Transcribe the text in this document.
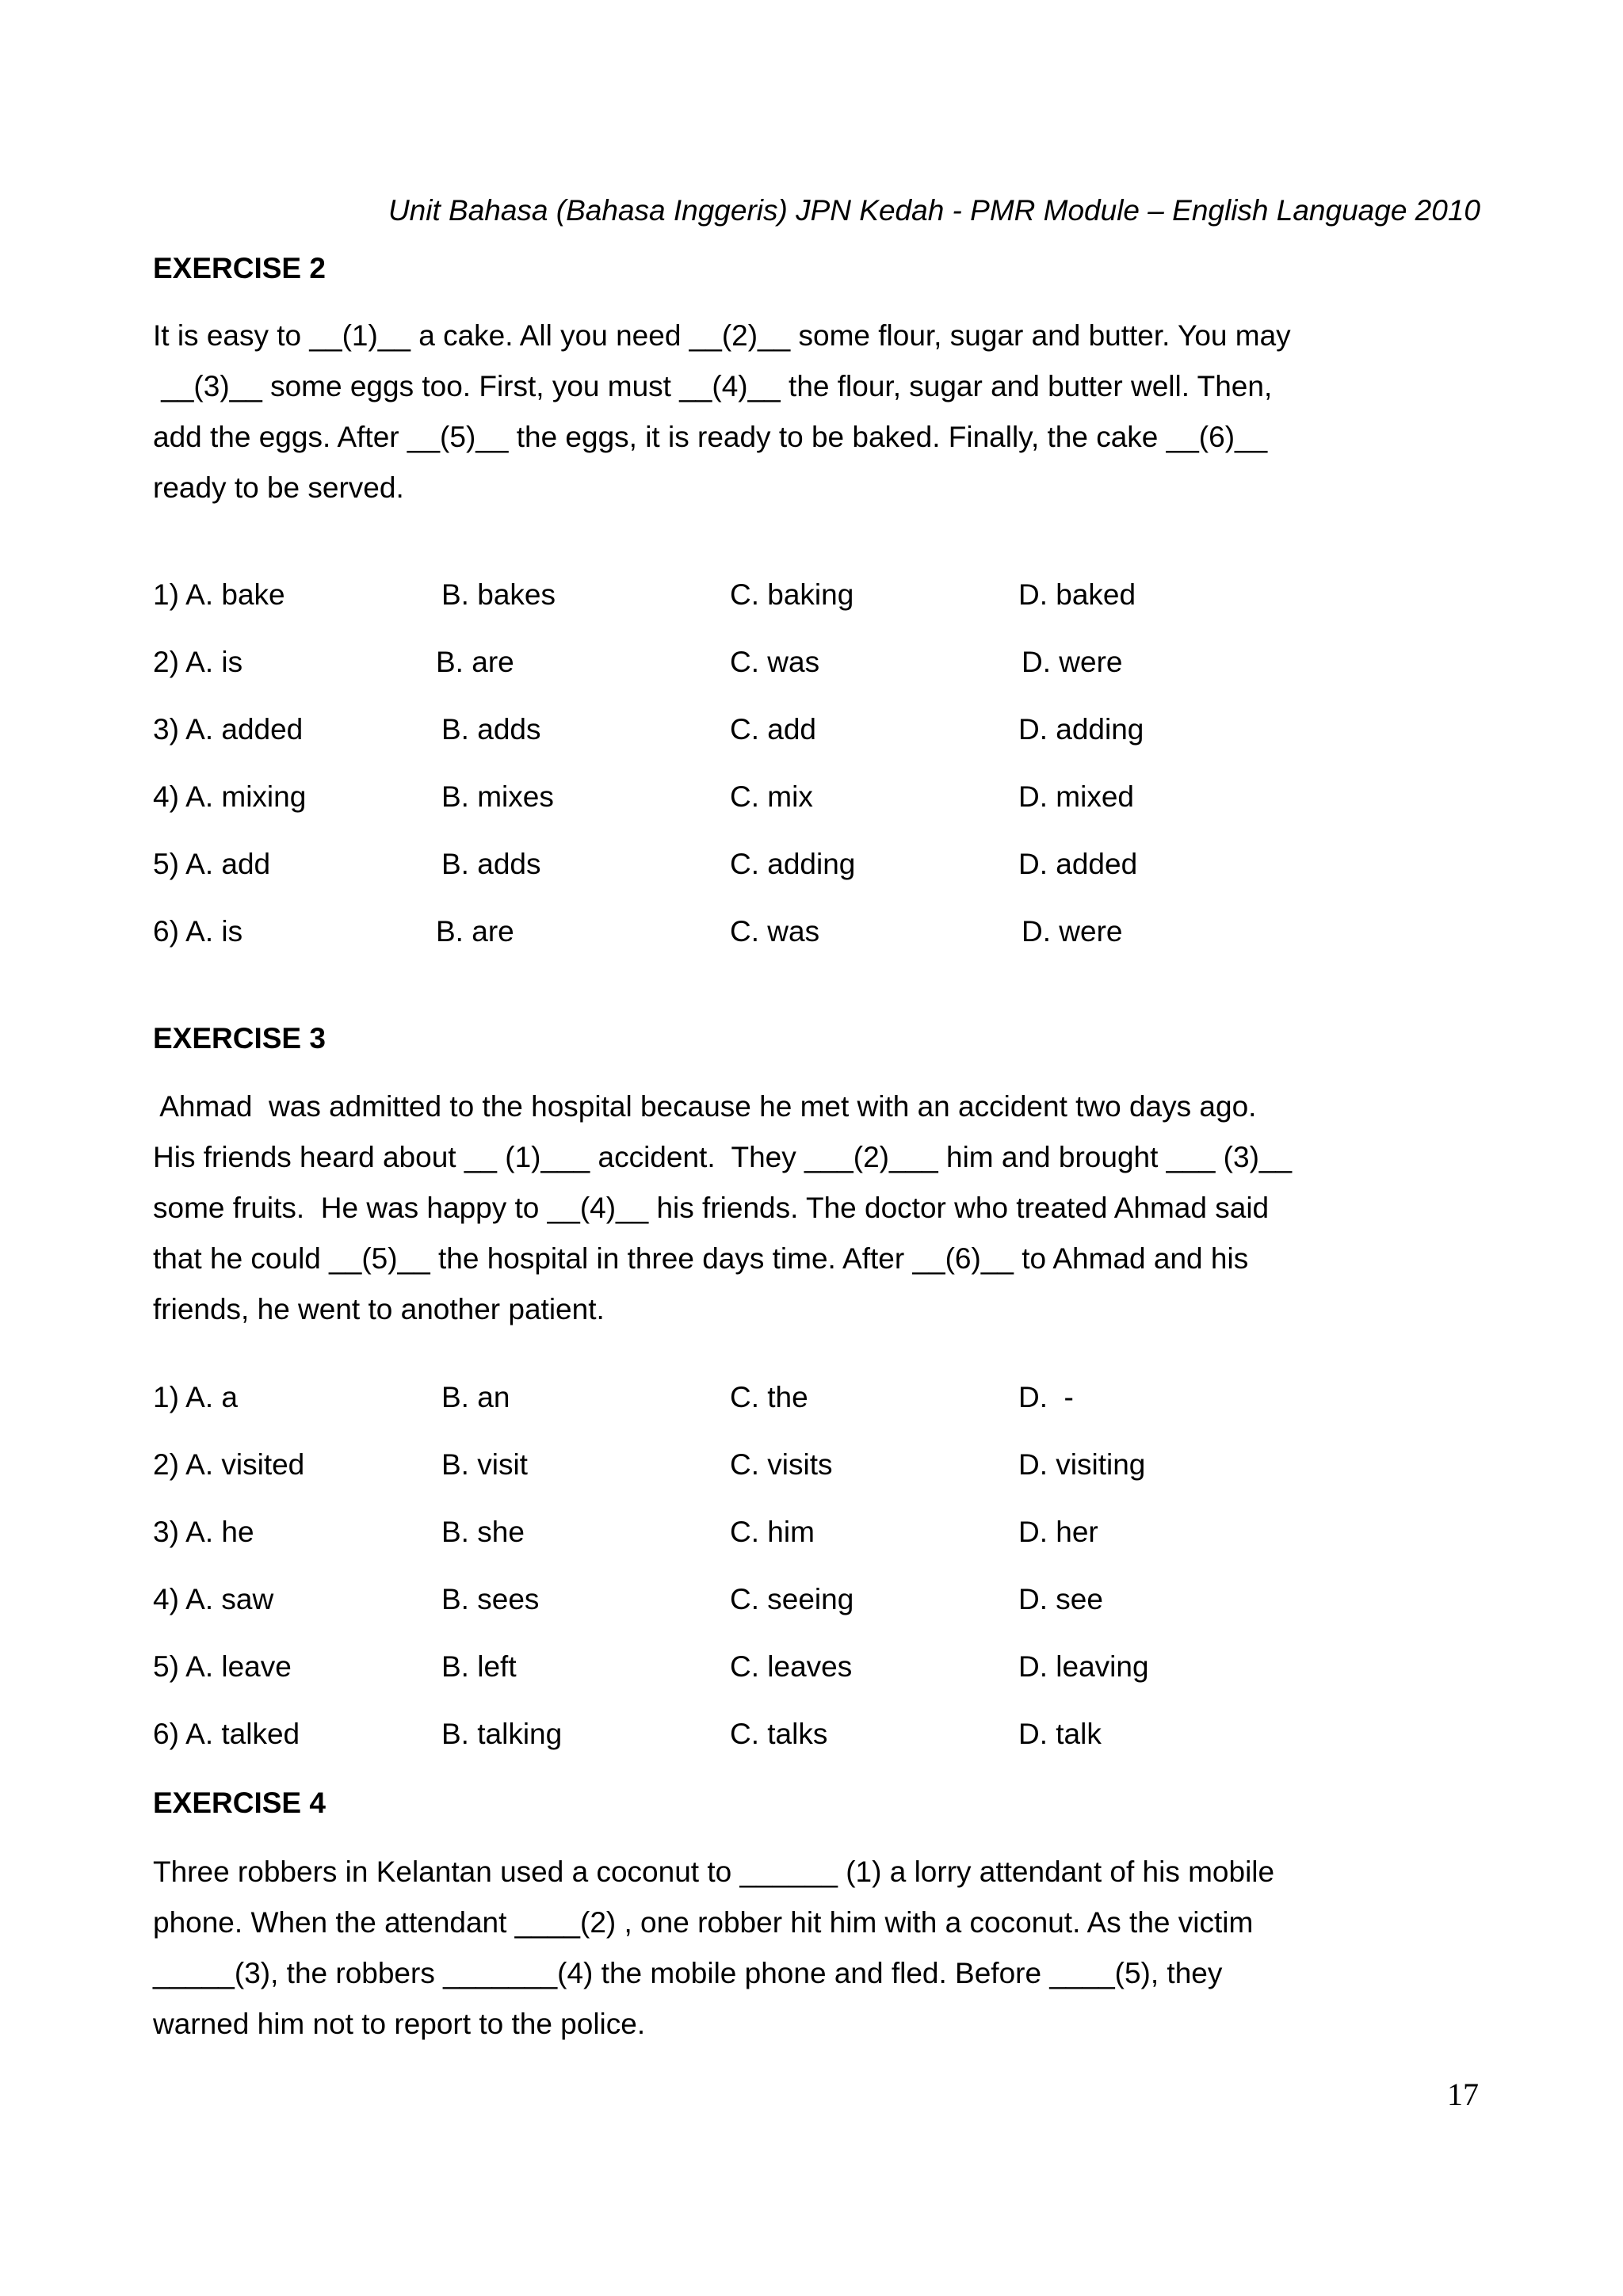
Unit Bahasa (Bahasa Inggeris) JPN Kedah - PMR Module – English Language 2010
EXERCISE 2
It is easy to __(1)__ a cake. All you need __(2)__ some flour, sugar and butter. You may
__(3)__ some eggs too. First, you must __(4)__ the flour, sugar and butter well. Then,
add the eggs. After __(5)__ the eggs, it is ready to be baked. Finally, the cake __(6)__
ready to be served.
1) A. bake	B. bakes	C. baking	D. baked
2) A. is	B. are	C. was	D. were
3) A. added	B. adds	C. add	D. adding
4) A. mixing	B. mixes	C. mix	D. mixed
5) A. add	B. adds	C. adding	D. added
6) A. is	B. are	C. was	D. were
EXERCISE 3
Ahmad  was admitted to the hospital because he met with an accident two days ago.
His friends heard about __ (1)___ accident.  They ___(2)___ him and brought ___ (3)__
some fruits.  He was happy to __(4)__ his friends. The doctor who treated Ahmad said
that he could __(5)__ the hospital in three days time. After __(6)__ to Ahmad and his
friends, he went to another patient.
1) A. a	B. an	C. the	D.  -
2) A. visited	B. visit	C. visits	D. visiting
3) A. he	B. she	C. him	D. her
4) A. saw	B. sees	C. seeing	D. see
5) A. leave	B. left	C. leaves	D. leaving
6) A. talked	B. talking	C. talks	D. talk
EXERCISE 4
Three robbers in Kelantan used a coconut to ______ (1) a lorry attendant of his mobile
phone. When the attendant ____(2) , one robber hit him with a coconut. As the victim
_____(3), the robbers _______(4) the mobile phone and fled. Before ____(5), they
warned him not to report to the police.
17
